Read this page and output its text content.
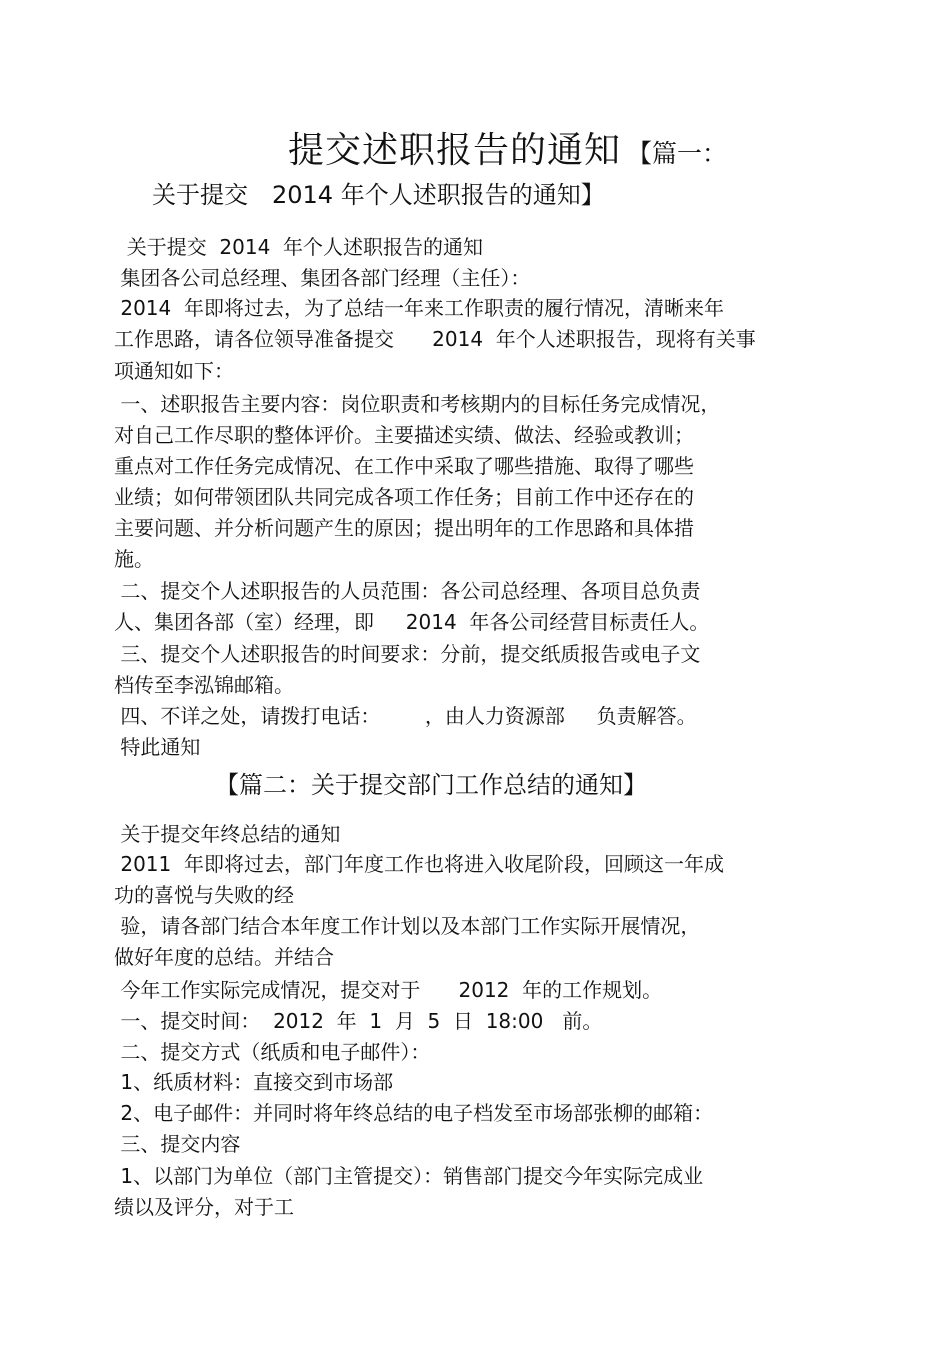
提交述职报告的通知 【篇一：
关于提交　2014 年个人述职报告的通知】
关于提交  2014  年个人述职报告的通知
集团各公司总经理、集团各部门经理（主任）：
2014  年即将过去，为了总结一年来工作职责的履行情况，清晰来年
工作思路，请各位领导准备提交      2014  年个人述职报告，现将有关事
项通知如下：
一、述职报告主要内容：岗位职责和考核期内的目标任务完成情况，
对自己工作尽职的整体评价。主要描述实绩、做法、经验或教训；
重点对工作任务完成情况、在工作中采取了哪些措施、取得了哪些
业绩；如何带领团队共同完成各项工作任务；目前工作中还存在的
主要问题、并分析问题产生的原因；提出明年的工作思路和具体措
施。
二、提交个人述职报告的人员范围：各公司总经理、各项目总负责
人、集团各部（室）经理，即     2014  年各公司经营目标责任人。
三、提交个人述职报告的时间要求：分前，提交纸质报告或电子文
档传至李泓锦邮箱。
四、不详之处，请拨打电话：       ，由人力资源部     负责解答。
特此通知
【篇二：关于提交部门工作总结的通知】
关于提交年终总结的通知
2011  年即将过去，部门年度工作也将进入收尾阶段，回顾这一年成
功的喜悦与失败的经
验，请各部门结合本年度工作计划以及本部门工作实际开展情况，
做好年度的总结。并结合
今年工作实际完成情况，提交对于      2012  年的工作规划。
一、提交时间：  2012  年  1  月  5  日  18:00   前。
二、提交方式（纸质和电子邮件）：
1、纸质材料：直接交到市场部
2、电子邮件：并同时将年终总结的电子档发至市场部张柳的邮箱：
三、提交内容
1、以部门为单位（部门主管提交）：销售部门提交今年实际完成业
绩以及评分，对于工
